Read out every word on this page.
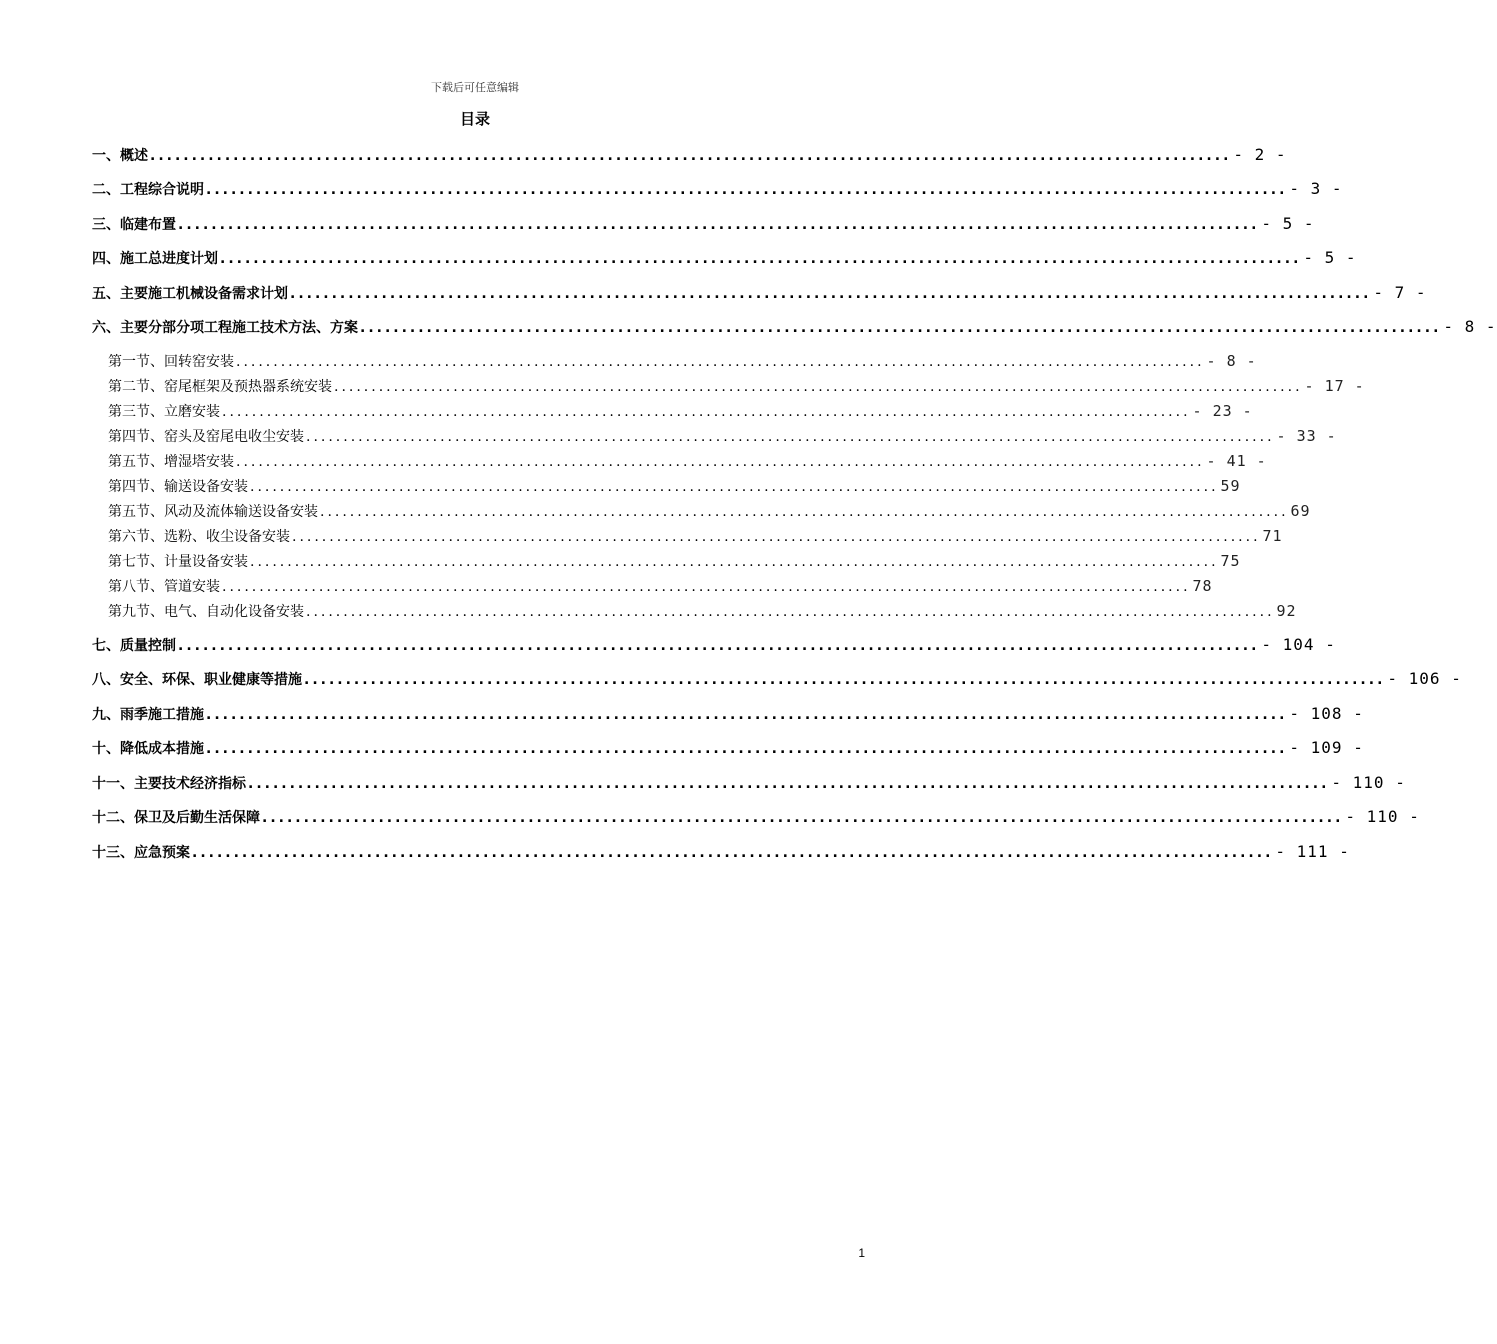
下载后可任意编辑
目录
一、概述 .................................................................................................................................. - 2 -
二、工程综合说明 .................................................................................................................................. - 3 -
三、临建布置 .................................................................................................................................. - 5 -
四、施工总进度计划 .................................................................................................................................. - 5 -
五、主要施工机械设备需求计划 .................................................................................................................................. - 7 -
六、主要分部分项工程施工技术方法、方案 .................................................................................................................................. - 8 -
第一节、回转窑安装 .................................................................................................................................. - 8 -
第二节、窑尾框架及预热器系统安装 .................................................................................................................................. - 17 -
第三节、立磨安装 .................................................................................................................................. - 23 -
第四节、窑头及窑尾电收尘安装 .................................................................................................................................. - 33 -
第五节、增湿塔安装 .................................................................................................................................. - 41 -
第四节、输送设备安装 .................................................................................................................................. 59
第五节、风动及流体输送设备安装 .................................................................................................................................. 69
第六节、选粉、收尘设备安装 .................................................................................................................................. 71
第七节、计量设备安装 .................................................................................................................................. 75
第八节、管道安装 .................................................................................................................................. 78
第九节、电气、自动化设备安装 .................................................................................................................................. 92
七、质量控制 .................................................................................................................................. - 104 -
八、安全、环保、职业健康等措施 .................................................................................................................................. - 106 -
九、雨季施工措施 .................................................................................................................................. - 108 -
十、降低成本措施 .................................................................................................................................. - 109 -
十一、主要技术经济指标 .................................................................................................................................. - 110 -
十二、保卫及后勤生活保障 .................................................................................................................................. - 110 -
十三、应急预案 .................................................................................................................................. - 111 -
1
